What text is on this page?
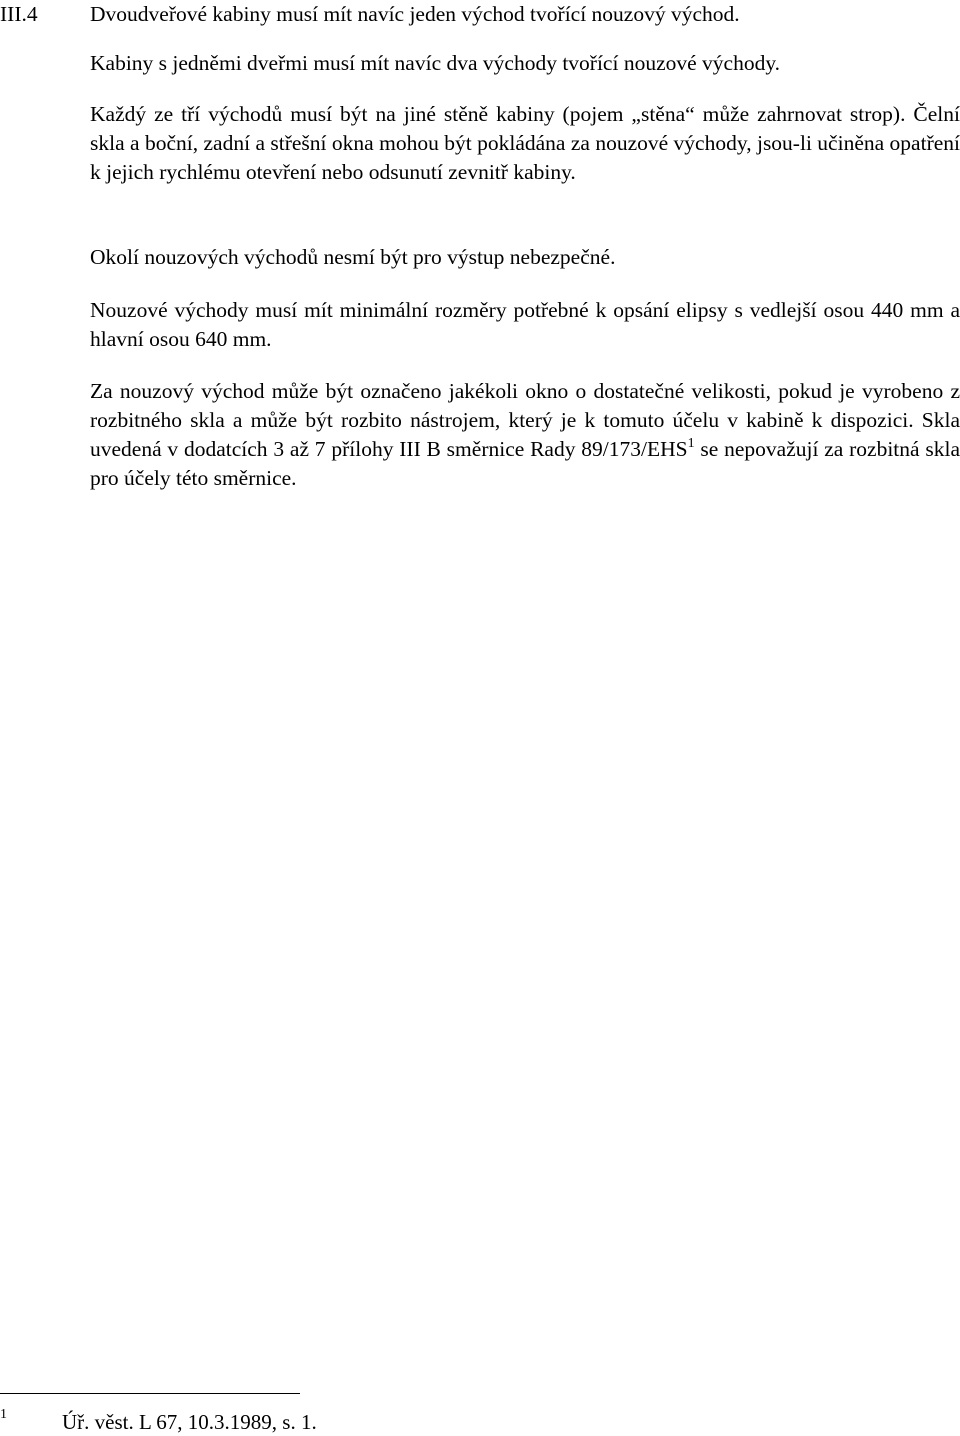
III.4 Dvoudveřové kabiny musí mít navíc jeden východ tvořící nouzový východ.

Kabiny s jedněmi dveřmi musí mít navíc dva východy tvořící nouzové východy.

Každý ze tří východů musí být na jiné stěně kabiny (pojem „stěna“ může zahrnovat strop). Čelní skla a boční, zadní a střešní okna mohou být pokládána za nouzové východy, jsou-li učiněna opatření k jejich rychlému otevření nebo odsunutí zevnitř kabiny.

Okolí nouzových východů nesmí být pro výstup nebezpečné.

Nouzové východy musí mít minimální rozměry potřebné k opsání elipsy s vedlejší osou 440 mm a hlavní osou 640 mm.

Za nouzový východ může být označeno jakékoli okno o dostatečné velikosti, pokud je vyrobeno z rozbitného skla a může být rozbito nástrojem, který je k tomuto účelu v kabině k dispozici. Skla uvedená v dodatcích 3 až 7 přílohy III B směrnice Rady 89/173/EHS$^1$ se nepovažují za rozbitná skla pro účely této směrnice.

1	Úř. věst. L 67, 10.3.1989, s. 1.
